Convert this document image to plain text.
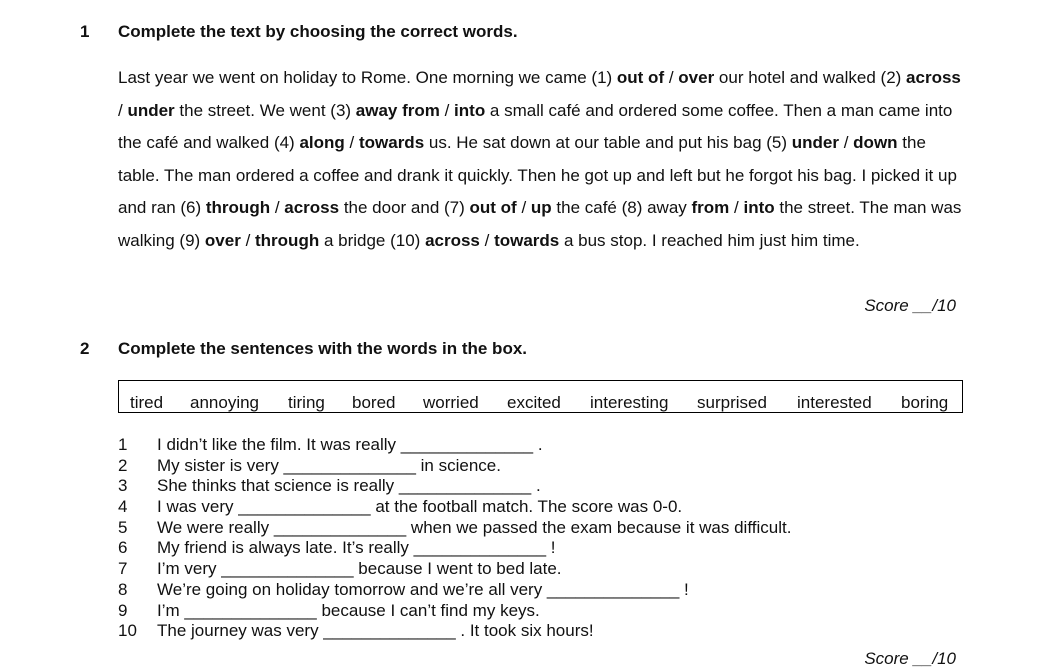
1 Complete the text by choosing the correct words.
Last year we went on holiday to Rome. One morning we came (1) out of / over our hotel and walked (2) across / under the street. We went (3) away from / into a small café and ordered some coffee. Then a man came into the café and walked (4) along / towards us. He sat down at our table and put his bag (5) under / down the table. The man ordered a coffee and drank it quickly. Then he got up and left but he forgot his bag. I picked it up and ran (6) through / across the door and (7) out of / up the café (8) away from / into the street. The man was walking (9) over / through a bridge (10) across / towards a bus stop. I reached him just him time.
Score __/10
2 Complete the sentences with the words in the box.
tired annoying tiring bored worried excited interesting surprised interested boring
1 I didn’t like the film. It was really ______________ .
2 My sister is very ______________ in science.
3 She thinks that science is really ______________ .
4 I was very ______________ at the football match. The score was 0-0.
5 We were really ______________ when we passed the exam because it was difficult.
6 My friend is always late. It’s really ______________ !
7 I’m very ______________ because I went to bed late.
8 We’re going on holiday tomorrow and we’re all very ______________ !
9 I’m ______________ because I can’t find my keys.
10 The journey was very ______________ . It took six hours!
Score __/10
